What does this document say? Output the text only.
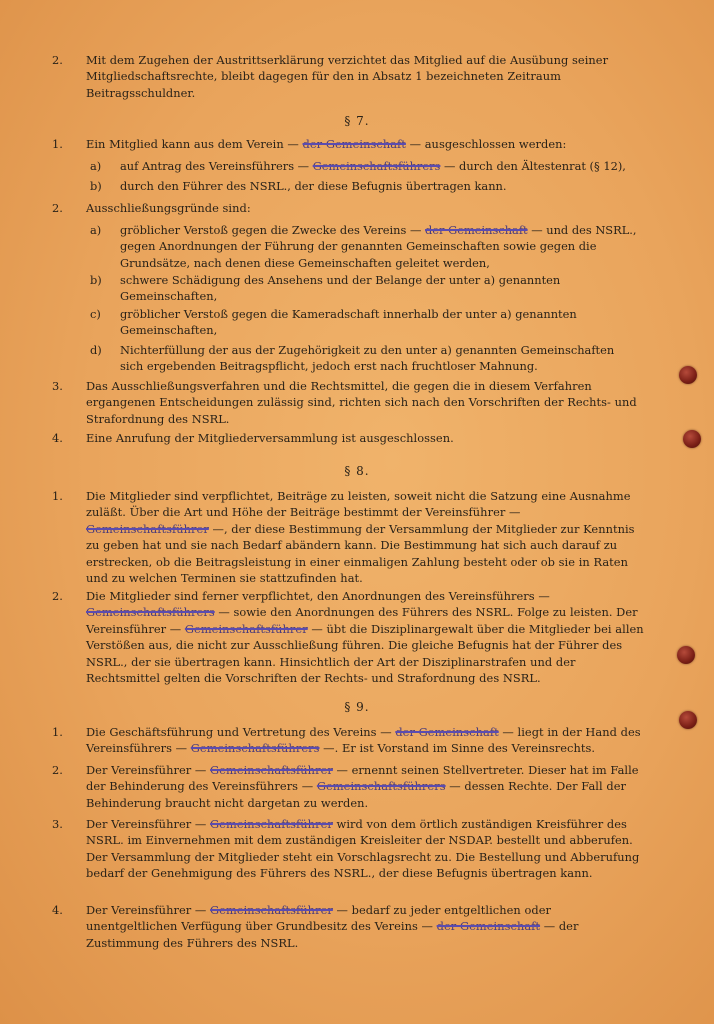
2. Mit dem Zugehen der Austrittserklärung verzichtet das Mitglied auf die Ausübung seiner Mitgliedschaftsrechte, bleibt dagegen für den in Absatz 1 bezeichneten Zeitraum Beitragsschuldner.
§ 7.
1. Ein Mitglied kann aus dem Verein — der Gemeinschaft — ausgeschlossen werden:
a) auf Antrag des Vereinsführers — Gemeinschaftsführers — durch den Ältestenrat (§ 12),
b) durch den Führer des NSRL., der diese Befugnis übertragen kann.
2. Ausschließungsgründe sind:
a) gröblicher Verstoß gegen die Zwecke des Vereins — der Gemeinschaft — und des NSRL., gegen Anordnungen der Führung der genannten Gemeinschaften sowie gegen die Grundsätze, nach denen diese Gemeinschaften geleitet werden,
b) schwere Schädigung des Ansehens und der Belange der unter a) genannten Gemeinschaften,
c) gröblicher Verstoß gegen die Kameradschaft innerhalb der unter a) genannten Gemeinschaften,
d) Nichterfüllung der aus der Zugehörigkeit zu den unter a) genannten Gemeinschaften sich ergebenden Beitragspflicht, jedoch erst nach fruchtloser Mahnung.
3. Das Ausschließungsverfahren und die Rechtsmittel, die gegen die in diesem Verfahren ergangenen Entscheidungen zulässig sind, richten sich nach den Vorschriften der Rechts- und Strafordnung des NSRL.
4. Eine Anrufung der Mitgliederversammlung ist ausgeschlossen.
§ 8.
1. Die Mitglieder sind verpflichtet, Beiträge zu leisten, soweit nicht die Satzung eine Ausnahme zuläßt. Über die Art und Höhe der Beiträge bestimmt der Vereinsführer — Gemeinschaftsführer —, der diese Bestimmung der Versammlung der Mitglieder zur Kenntnis zu geben hat und sie nach Bedarf abändern kann. Die Bestimmung hat sich auch darauf zu erstrecken, ob die Beitragsleistung in einer einmaligen Zahlung besteht oder ob sie in Raten und zu welchen Terminen sie stattzufinden hat.
2. Die Mitglieder sind ferner verpflichtet, den Anordnungen des Vereinsführers — Gemeinschaftsführers — sowie den Anordnungen des Führers des NSRL. Folge zu leisten. Der Vereinsführer — Gemeinschaftsführer — übt die Disziplinargewalt über die Mitglieder bei allen Verstößen aus, die nicht zur Ausschließung führen. Die gleiche Befugnis hat der Führer des NSRL., der sie übertragen kann. Hinsichtlich der Art der Disziplinarstrafen und der Rechtsmittel gelten die Vorschriften der Rechts- und Strafordnung des NSRL.
§ 9.
1. Die Geschäftsführung und Vertretung des Vereins — der Gemeinschaft — liegt in der Hand des Vereinsführers — Gemeinschaftsführers —. Er ist Vorstand im Sinne des Vereinsrechts.
2. Der Vereinsführer — Gemeinschaftsführer — ernennt seinen Stellvertreter. Dieser hat im Falle der Behinderung des Vereinsführers — Gemeinschaftsführers — dessen Rechte. Der Fall der Behinderung braucht nicht dargetan zu werden.
3. Der Vereinsführer — Gemeinschaftsführer wird von dem örtlich zuständigen Kreisführer des NSRL. im Einvernehmen mit dem zuständigen Kreisleiter der NSDAP. bestellt und abberufen. Der Versammlung der Mitglieder steht ein Vorschlagsrecht zu. Die Bestellung und Abberufung bedarf der Genehmigung des Führers des NSRL., der diese Befugnis übertragen kann.
4. Der Vereinsführer — Gemeinschaftsführer — bedarf zu jeder entgeltlichen oder unentgeltlichen Verfügung über Grundbesitz des Vereins — der Gemeinschaft — der Zustimmung des Führers des NSRL.
